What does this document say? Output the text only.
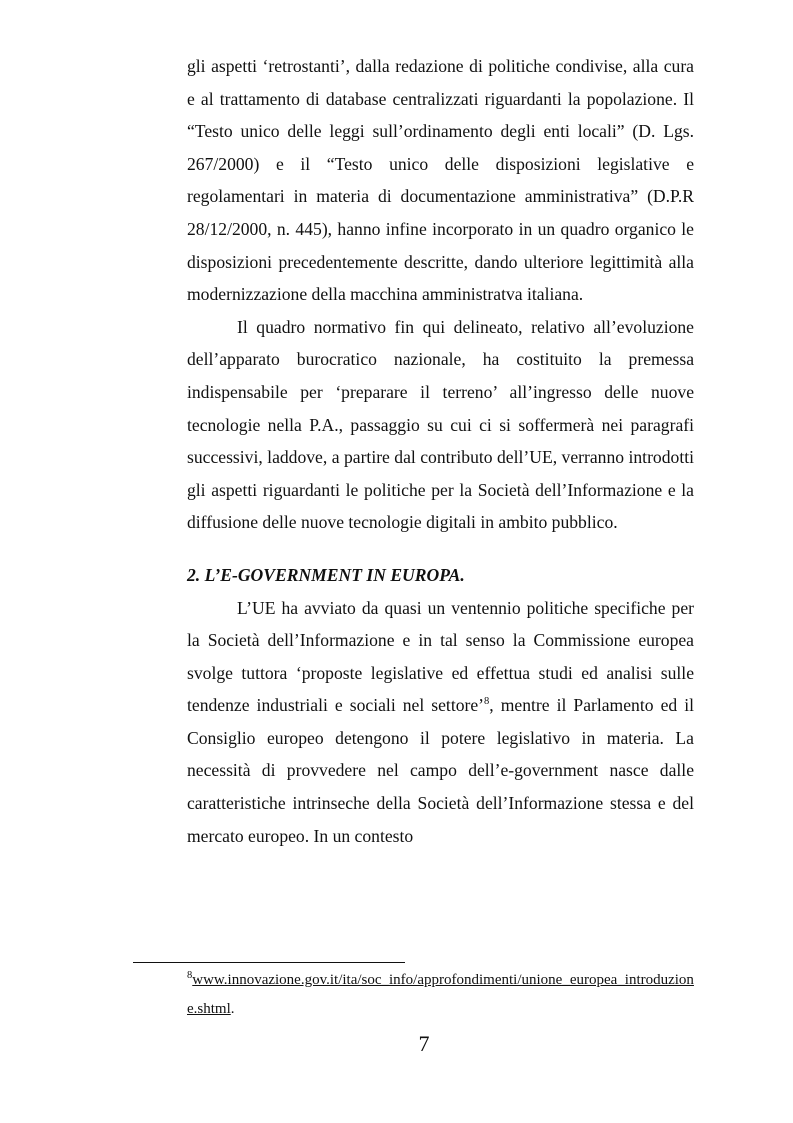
gli aspetti ‘retrostanti’, dalla redazione di politiche condivise, alla cura e al trattamento di database centralizzati riguardanti la popolazione. Il “Testo unico delle leggi sull’ordinamento degli enti locali” (D. Lgs. 267/2000) e il “Testo unico delle disposizioni legislative e regolamentari in materia di documentazione amministrativa” (D.P.R 28/12/2000, n. 445), hanno infine incorporato in un quadro organico le disposizioni precedentemente descritte, dando ulteriore legittimità alla modernizzazione della macchina amministratva italiana.

Il quadro normativo fin qui delineato, relativo all’evoluzione dell’apparato burocratico nazionale, ha costituito la premessa indispensabile per ‘preparare il terreno’ all’ingresso delle nuove tecnologie nella P.A., passaggio su cui ci si soffermerà nei paragrafi successivi, laddove, a partire dal contributo dell’UE, verranno introdotti gli aspetti riguardanti le politiche per la Società dell’Informazione e la diffusione delle nuove tecnologie digitali in ambito pubblico.

2. L’E-GOVERNMENT IN EUROPA.

L’UE ha avviato da quasi un ventennio politiche specifiche per la Società dell’Informazione e in tal senso la Commissione europea svolge tuttora ‘proposte legislative ed effettua studi ed analisi sulle tendenze industriali e sociali nel settore’$^8$, mentre il Parlamento ed il Consiglio europeo detengono il potere legislativo in materia. La necessità di provvedere nel campo dell’e-government nasce dalle caratteristiche intrinseche della Società dell’Informazione stessa e del mercato europeo. In un contesto

$^8$www.innovazione.gov.it/ita/soc_info/approfondimenti/unione_europea_introduzione.shtml.
7
